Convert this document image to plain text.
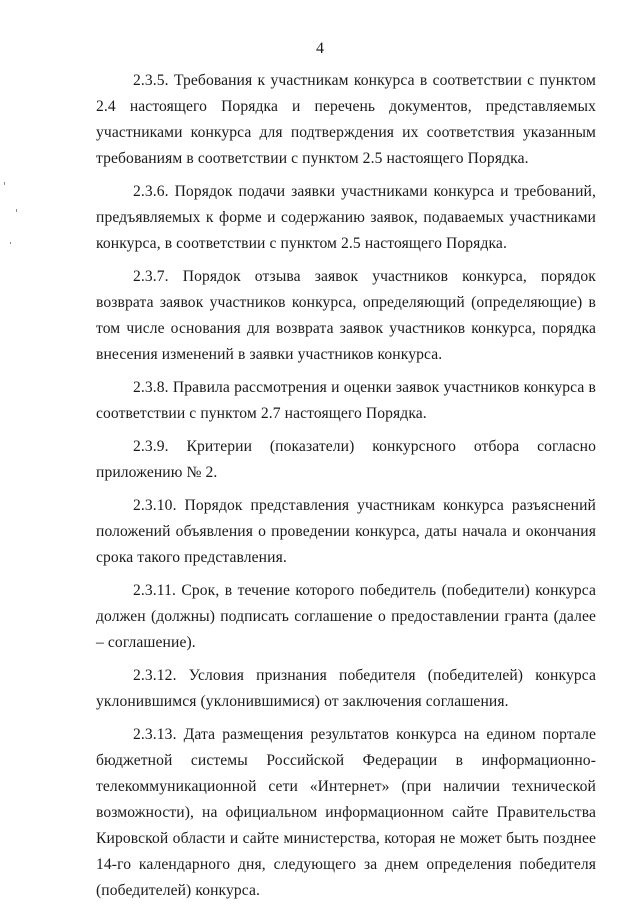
4

2.3.5. Требования к участникам конкурса в соответствии с пунктом 2.4 настоящего Порядка и перечень документов, представляемых участниками конкурса для подтверждения их соответствия указанным требованиям в соответствии с пунктом 2.5 настоящего Порядка.

2.3.6. Порядок подачи заявки участниками конкурса и требований, предъявляемых к форме и содержанию заявок, подаваемых участниками конкурса, в соответствии с пунктом 2.5 настоящего Порядка.

2.3.7. Порядок отзыва заявок участников конкурса, порядок возврата заявок участников конкурса, определяющий (определяющие) в том числе основания для возврата заявок участников конкурса, порядка внесения изменений в заявки участников конкурса.

2.3.8. Правила рассмотрения и оценки заявок участников конкурса в соответствии с пунктом 2.7 настоящего Порядка.

2.3.9. Критерии (показатели) конкурсного отбора согласно приложению № 2.

2.3.10. Порядок представления участникам конкурса разъяснений положений объявления о проведении конкурса, даты начала и окончания срока такого представления.

2.3.11. Срок, в течение которого победитель (победители) конкурса должен (должны) подписать соглашение о предоставлении гранта (далее – соглашение).

2.3.12. Условия признания победителя (победителей) конкурса уклонившимся (уклонившимися) от заключения соглашения.

2.3.13. Дата размещения результатов конкурса на едином портале бюджетной системы Российской Федерации в информационно-телекоммуникационной сети «Интернет» (при наличии технической возможности), на официальном информационном сайте Правительства Кировской области и сайте министерства, которая не может быть позднее 14-го календарного дня, следующего за днем определения победителя (победителей) конкурса.
